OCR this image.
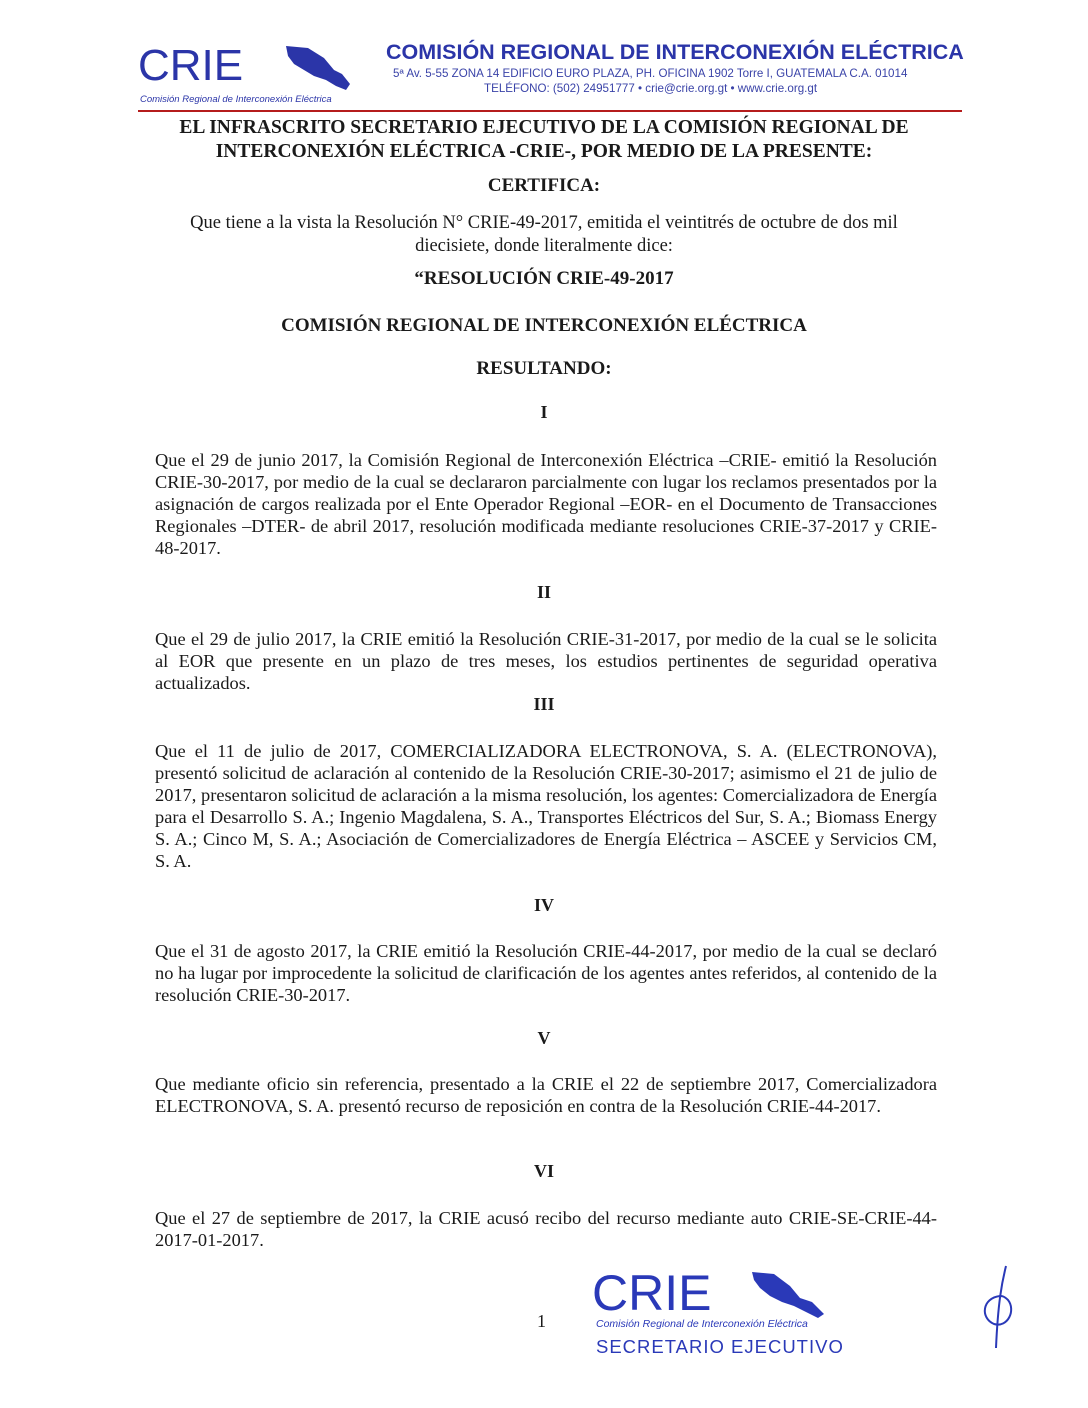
CRIE
Comisión Regional de Interconexión Eléctrica
COMISIÓN REGIONAL DE INTERCONEXIÓN ELÉCTRICA
5ª Av. 5-55 ZONA 14 EDIFICIO EURO PLAZA, PH. OFICINA 1902 Torre I, GUATEMALA C.A. 01014
TELÉFONO: (502) 24951777 • crie@crie.org.gt • www.crie.org.gt
EL INFRASCRITO SECRETARIO EJECUTIVO DE LA COMISIÓN REGIONAL DE
INTERCONEXIÓN ELÉCTRICA -CRIE-, POR MEDIO DE LA PRESENTE:
CERTIFICA:
Que tiene a la vista la Resolución N° CRIE-49-2017, emitida el veintitrés de octubre de dos mil
diecisiete, donde literalmente dice:
“RESOLUCIÓN CRIE-49-2017
COMISIÓN REGIONAL DE INTERCONEXIÓN ELÉCTRICA
RESULTANDO:
I
Que el 29 de junio 2017, la Comisión Regional de Interconexión Eléctrica –CRIE- emitió la Resolución CRIE-30-2017, por medio de la cual se declararon parcialmente con lugar los reclamos presentados por la asignación de cargos realizada por el Ente Operador Regional –EOR- en el Documento de Transacciones Regionales –DTER- de abril 2017, resolución modificada mediante resoluciones CRIE-37-2017 y CRIE-48-2017.
II
Que el 29 de julio 2017, la CRIE emitió la Resolución CRIE-31-2017, por medio de la cual se le solicita al EOR que presente en un plazo de tres meses, los estudios pertinentes de seguridad operativa actualizados.
III
Que el 11 de julio de 2017, COMERCIALIZADORA ELECTRONOVA, S. A. (ELECTRONOVA), presentó solicitud de aclaración al contenido de la Resolución CRIE-30-2017; asimismo el 21 de julio de 2017, presentaron solicitud de aclaración a la misma resolución, los agentes: Comercializadora de Energía para el Desarrollo S. A.; Ingenio Magdalena, S. A., Transportes Eléctricos del Sur, S. A.; Biomass Energy S. A.; Cinco M, S. A.; Asociación de Comercializadores de Energía Eléctrica – ASCEE y Servicios CM, S. A.
IV
Que el 31 de agosto 2017, la CRIE emitió la Resolución CRIE-44-2017, por medio de la cual se declaró no ha lugar por improcedente la solicitud de clarificación de los agentes antes referidos, al contenido de la resolución CRIE-30-2017.
V
Que mediante oficio sin referencia, presentado a la CRIE el 22 de septiembre 2017, Comercializadora ELECTRONOVA, S. A. presentó recurso de reposición en contra de la Resolución CRIE-44-2017.
VI
Que el 27 de septiembre de 2017, la CRIE acusó recibo del recurso mediante auto CRIE-SE-CRIE-44-2017-01-2017.
1 CRIE
Comisión Regional de Interconexión Eléctrica
SECRETARIO EJECUTIVO
